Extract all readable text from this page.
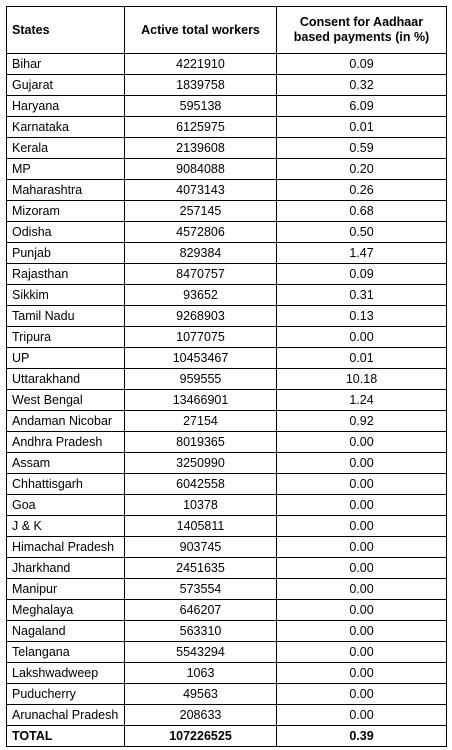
States	Active total workers	Consent for Aadhaar based payments (in %)
Bihar	4221910	0.09
Gujarat	1839758	0.32
Haryana	595138	6.09
Karnataka	6125975	0.01
Kerala	2139608	0.59
MP	9084088	0.20
Maharashtra	4073143	0.26
Mizoram	257145	0.68
Odisha	4572806	0.50
Punjab	829384	1.47
Rajasthan	8470757	0.09
Sikkim	93652	0.31
Tamil Nadu	9268903	0.13
Tripura	1077075	0.00
UP	10453467	0.01
Uttarakhand	959555	10.18
West Bengal	13466901	1.24
Andaman Nicobar	27154	0.92
Andhra Pradesh	8019365	0.00
Assam	3250990	0.00
Chhattisgarh	6042558	0.00
Goa	10378	0.00
J & K	1405811	0.00
Himachal Pradesh	903745	0.00
Jharkhand	2451635	0.00
Manipur	573554	0.00
Meghalaya	646207	0.00
Nagaland	563310	0.00
Telangana	5543294	0.00
Lakshwadweep	1063	0.00
Puducherry	49563	0.00
Arunachal Pradesh	208633	0.00
TOTAL	107226525	0.39
